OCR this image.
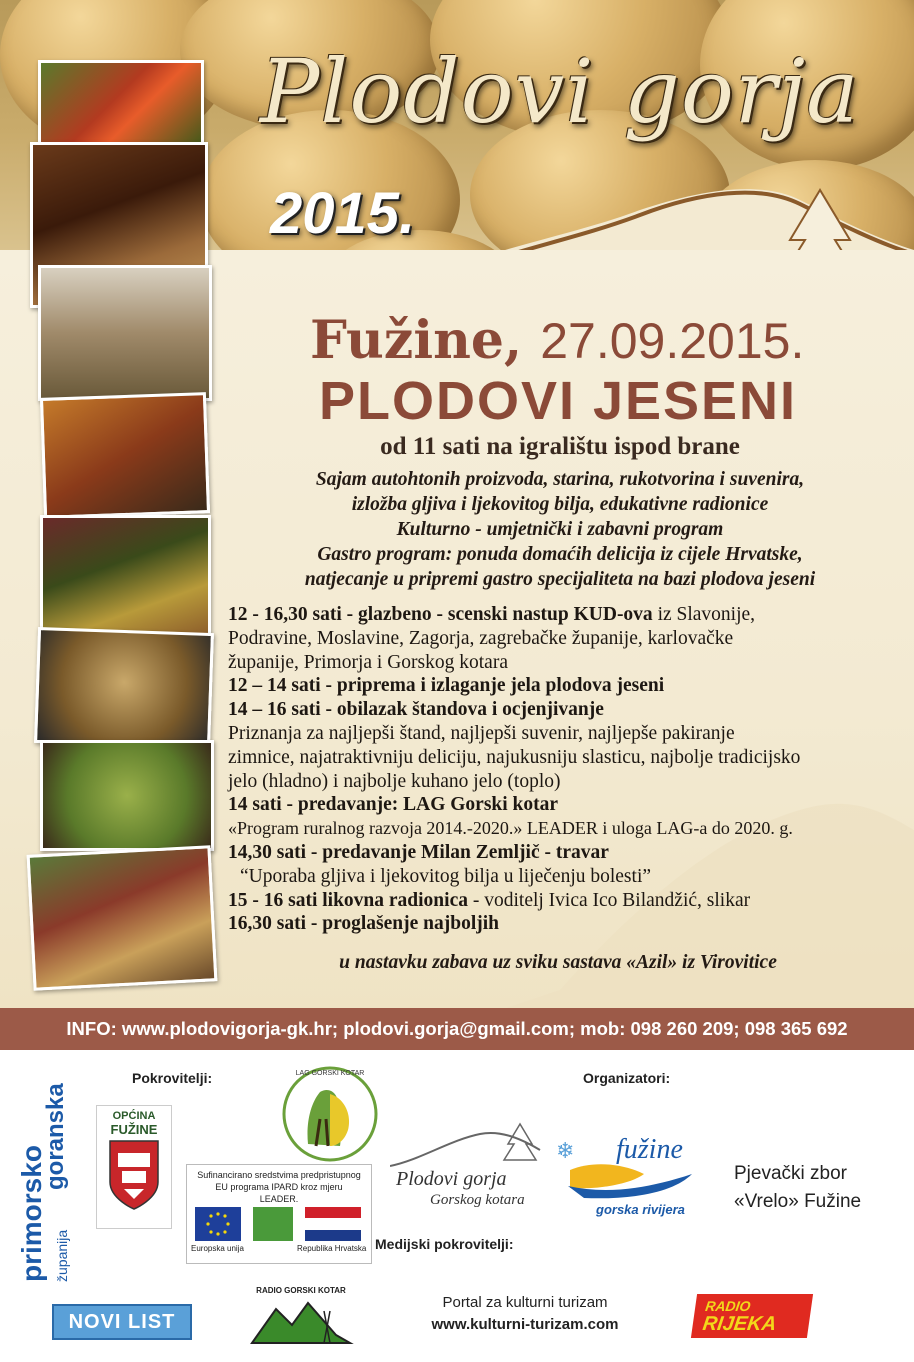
Plodovi gorja
2015.
Fužine, 27.09.2015.
PLODOVI JESENI
od 11 sati na igralištu ispod brane
Sajam autohtonih proizvoda, starina, rukotvorina i suvenira,
izložba gljiva i ljekovitog bilja, edukativne radionice
Kulturno - umjetnički i zabavni program
Gastro program: ponuda domaćih delicija iz cijele Hrvatske,
natjecanje u pripremi gastro specijaliteta na bazi plodova jeseni
12 - 16,30 sati - glazbeno - scenski nastup KUD-ova iz Slavonije,
Podravine, Moslavine, Zagorja, zagrebačke županije, karlovačke
županije, Primorja i Gorskog kotara
12 – 14 sati - priprema i izlaganje jela plodova jeseni
14 – 16 sati - obilazak štandova i ocjenjivanje
Priznanja za najljepši štand, najljepši suvenir, najljepše pakiranje
zimnice, najatraktivniju deliciju, najukusniju slasticu, najbolje tradicijsko
jelo (hladno) i najbolje kuhano jelo (toplo)
14 sati - predavanje: LAG Gorski kotar
«Program ruralnog razvoja 2014.-2020.» LEADER i uloga LAG-a do 2020. g.
14,30 sati - predavanje Milan Zemljič - travar
“Uporaba gljiva i ljekovitog bilja u liječenju bolesti”
15 - 16 sati likovna radionica - voditelj Ivica Ico Bilandžić, slikar
16,30 sati - proglašenje najboljih
u nastavku zabava uz sviku sastava «Azil» iz Virovitice
INFO: www.plodovigorja-gk.hr; plodovi.gorja@gmail.com; mob: 098 260 209; 098 365 692
primorsko
goranska
županija
Pokrovitelji:	Organizatori:
OPĆINA
FUŽINE
LAG GORSKI KOTAR
Sufinancirano sredstvima predpristupnog EU programa IPARD kroz mjeru LEADER.
Europska unija	Republika Hrvatska
Plodovi gorja
Gorskog kotara
❄ fužine
gorska rivijera
Pjevački zbor
«Vrelo» Fužine
Medijski pokrovitelji:
NOVI LIST
RADIO GORSKI KOTAR
Portal za kulturni turizam
www.kulturni-turizam.com
RADIO
RIJEKA
